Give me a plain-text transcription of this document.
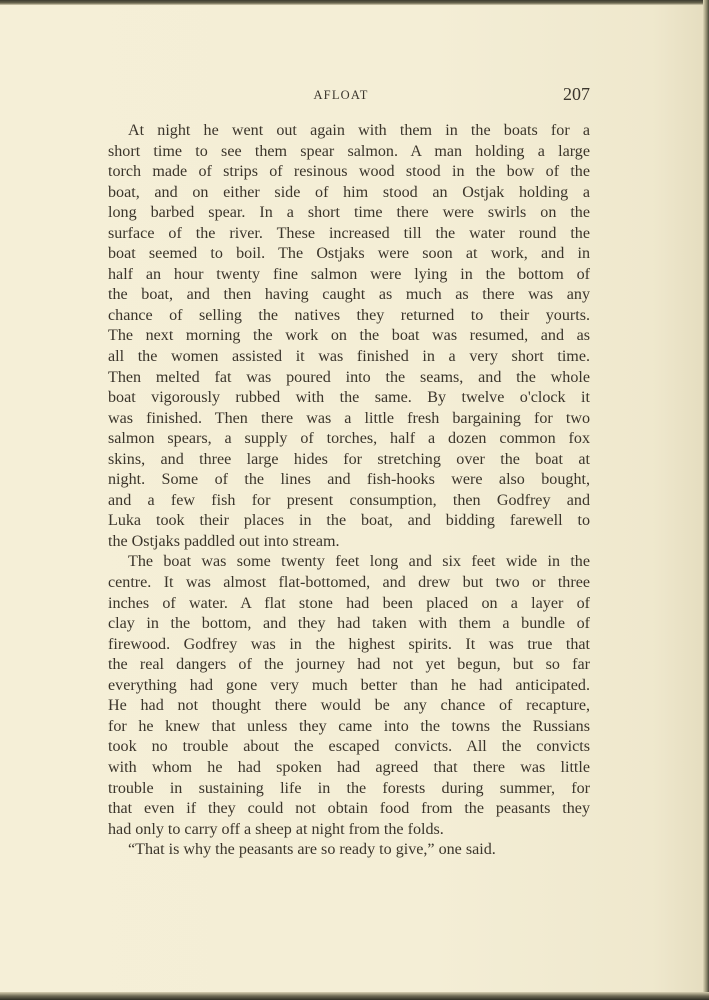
AFLOAT	207
At night he went out again with them in the boats for a
short time to see them spear salmon. A man holding a large
torch made of strips of resinous wood stood in the bow of the
boat, and on either side of him stood an Ostjak holding a
long barbed spear. In a short time there were swirls on the
surface of the river. These increased till the water round the
boat seemed to boil. The Ostjaks were soon at work, and in
half an hour twenty fine salmon were lying in the bottom of
the boat, and then having caught as much as there was any
chance of selling the natives they returned to their yourts.
The next morning the work on the boat was resumed, and as
all the women assisted it was finished in a very short time.
Then melted fat was poured into the seams, and the whole
boat vigorously rubbed with the same. By twelve o'clock it
was finished. Then there was a little fresh bargaining for two
salmon spears, a supply of torches, half a dozen common fox
skins, and three large hides for stretching over the boat at
night. Some of the lines and fish-hooks were also bought,
and a few fish for present consumption, then Godfrey and
Luka took their places in the boat, and bidding farewell to
the Ostjaks paddled out into stream.
The boat was some twenty feet long and six feet wide in the
centre. It was almost flat-bottomed, and drew but two or three
inches of water. A flat stone had been placed on a layer of
clay in the bottom, and they had taken with them a bundle of
firewood. Godfrey was in the highest spirits. It was true that
the real dangers of the journey had not yet begun, but so far
everything had gone very much better than he had anticipated.
He had not thought there would be any chance of recapture,
for he knew that unless they came into the towns the Russians
took no trouble about the escaped convicts. All the convicts
with whom he had spoken had agreed that there was little
trouble in sustaining life in the forests during summer, for
that even if they could not obtain food from the peasants they
had only to carry off a sheep at night from the folds.
“That is why the peasants are so ready to give,” one said.
